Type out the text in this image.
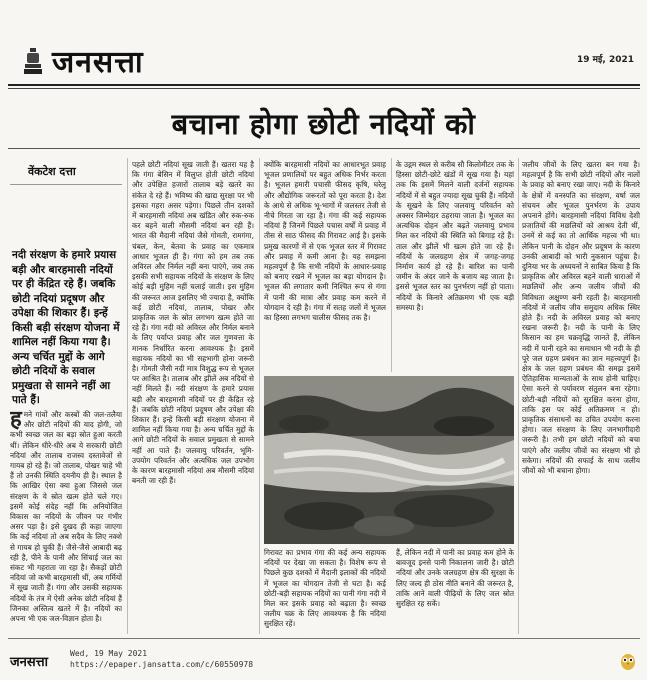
जनसत्ता	19 मई, 2021
बचाना होगा छोटी नदियों को
वेंकटेश दत्ता
नदी संरक्षण के हमारे प्रयास बड़ी और बारहमासी नदियों पर ही केंद्रित रहे हैं। जबकि छोटी नदियां प्रदूषण और उपेक्षा की शिकार हैं। इन्हें किसी बड़ी संरक्षण योजना में शामिल नहीं किया गया है। अन्य चर्चित मुद्दों के आगे छोटी नदियों के सवाल प्रमुखता से सामने नहीं आ पाते हैं।
हमने गांवों और कस्बों की जल-तलैया और छोटी नदियों की याद होगी, जो कभी स्वच्छ जल का बड़ा स्रोत हुआ करती थीं। लेकिन धीरे-धीरे अब ये सरकारी छोटी नदियां और तालाब राजस्व दस्तावेजों से गायब हो रहे हैं। जो तालाब, पोखर चाहे भी हैं तो उनकी स्थिति दयनीय ही है। स्थाल है कि आखिर ऐसा क्या हुआ जिससे जल संरक्षण के ये स्रोत खत्म होते चले गए। इसमें कोई संदेह नहीं कि अनियोजित विकास का नदियों के जीवन पर गंभीर असर पड़ा है। इसे दुखद ही कहा जाएगा कि कई नदियां तो अब सदैव के लिए नक्शे से गायब हो चुकी हैं। जैसे-जैसे आबादी बढ़ रही है, पीने के पानी और सिंचाई जल का संकट भी गहराता जा रहा है। सैकड़ों छोटी नदियां जो कभी बारहमासी थीं, अब गर्मियों में सूख जाती हैं। गंगा और उसकी सहायक नदियों के तंत्र में ऐसी अनेक छोटी नदियां हैं जिनका अस्तित्व खतरे में है। नदियों का अपना भी एक जल-विज्ञान होता है।
पहले छोटी नदियां सूख जाती हैं। खतरा यह है कि गंगा बेसिन में विलुप्त होती छोटी नदियां और उपेक्षित हजारों तालाब बड़े खतरे का संकेत दे रहे हैं। भविष्य की खाद्य सुरक्षा पर भी इसका गहरा असर पड़ेगा। पिछले तीन दशकों में बारहमासी नदियां अब खंडित और रुक-रुक कर बहने वाली मौसमी नदियां बन रही हैं। भारत की मैदानी नदियां जैसे गोमती, रामगंगा, चंबल, केन, बेतवा के प्रवाह का एकमात्र आधार भूजल ही है। गंगा को हम तब तक अविरल और निर्मल नहीं बना पाएंगे, जब तक इसकी सभी सहायक नदियों के संरक्षण के लिए कोई बड़ी मुहिम नहीं चलाई जाती। इस मुहिम की जरूरत आज इसलिए भी ज्यादा है, क्योंकि कई छोटी नदियां, तालाब, पोखर और प्राकृतिक जल के स्रोत लगभग खत्म होते जा रहे हैं। गंगा नदी को अविरल और निर्मल बनाने के लिए पर्याप्त प्रवाह और जल गुणवत्ता के मानक निर्धारित करना आवश्यक है। इसमें सहायक नदियों का भी सहभागी होना जरूरी है। गोमती जैसी नदी मात्र विशुद्ध रूप से भूजल पर आश्रित है। तालाब और झीलें अब नदियों से नहीं मिलते हैं। नदी संरक्षण के हमारे प्रयास बड़ी और बारहमासी नदियों पर ही केंद्रित रहे हैं। जबकि छोटी नदियां प्रदूषण और उपेक्षा की शिकार हैं। इन्हें किसी बड़ी संरक्षण योजना में शामिल नहीं किया गया है। अन्य चर्चित मुद्दों के आगे छोटी नदियों के सवाल प्रमुखता से सामने नहीं आ पाते हैं। जलवायु परिवर्तन, भूमि-उपयोग परिवर्तन और अत्यधिक जल उपभोग के कारण बारहमासी नदियां अब मौसमी नदियां बनती जा रही हैं।
क्योंकि बारहमासी नदियों का आधारभूत प्रवाह भूजल प्रणालियों पर बहुत अधिक निर्भर करता है। भूजल हमारी पचासी फीसद कृषि, घरेलू और औद्योगिक जरूरतों को पूरा करता है। देश के आधे से अधिक भू-भागों में जलस्तर तेजी से नीचे गिरता जा रहा है। गंगा की कई सहायक नदियां हैं जिनमें पिछले पचास वर्षों में प्रवाह में तीस से साठ फीसद की गिरावट आई है। इसके प्रमुख कारणों में से एक भूजल स्तर में गिरावट और प्रवाह में कमी आना है। यह समझना महत्वपूर्ण है कि सभी नदियों के आधार-प्रवाह को बनाए रखने में भूजल का बड़ा योगदान है। भूजल की लगातार कमी निश्चित रूप से गंगा में पानी की मात्रा और प्रवाह कम करने में योगदान दे रही है। गंगा में सतह जलों में भूजल का हिस्सा लगभग चालीस फीसद तक है।
गिरावट का प्रभाव गंगा की कई अन्य सहायक नदियों पर देखा जा सकता है। विशेष रूप से पिछले कुछ दशकों में मैदानी इलाकों की नदियों में भूजल का योगदान तेजी से घटा है। कई छोटी-बड़ी सहायक नदियों का पानी गंगा नदी में मिल कर इसके प्रवाह को बढ़ाता है। स्वच्छ जलीय चक्र के लिए आवश्यक है कि नदियां सुरक्षित रहें।
के उद्गम स्थल से करीब सौ किलोमीटर तक के हिस्सा छोटी-छोटे खंडों में सूख गया है। यहां तक कि इसमें मिलने वाली दर्जनों सहायक नदियों में से बहुत ज्यादा सूख चुकी हैं। नदियों के सूखने के लिए जलवायु परिवर्तन को अक्सर जिम्मेदार ठहराया जाता है। भूजल का अत्यधिक दोहन और बढ़ते जलवायु प्रभाव मिल कर नदियों की स्थिति को बिगाड़ रहे हैं। ताल और झीलें भी खत्म होते जा रहे हैं। नदियों के जलग्रहण क्षेत्र में जगह-जगह निर्माण कार्य हो रहे हैं। बारिश का पानी जमीन के अंदर जाने के बजाय बह जाता है। इससे भूजल स्तर का पुनर्भरण नहीं हो पाता। नदियों के किनारे अतिक्रमण भी एक बड़ी समस्या है।
हैं, लेकिन नदी में पानी का प्रवाह कम होने के बावजूद इनसे पानी निकालना जारी है। छोटी नदियां और उनके जलग्रहण क्षेत्र की सुरक्षा के लिए जल्द ही ठोस नीति बनाने की जरूरत है, ताकि आने वाली पीढ़ियों के लिए जल स्रोत सुरक्षित रह सकें।
जलीय जीवों के लिए खतरा बन गया है। महत्वपूर्ण है कि सभी छोटी नदियों और नालों के प्रवाह को बनाए रखा जाए। नदी के किनारे के क्षेत्रों में वनस्पति का संरक्षण, वर्षा जल संचयन और भूजल पुनर्भरण के उपाय अपनाने होंगे। बारहमासी नदियां विविध देशी प्रजातियों की मछलियों को आश्रय देती थीं, उनमें से कई का तो आर्थिक महत्त्व भी था। लेकिन पानी के दोहन और प्रदूषण के कारण उनकी आबादी को भारी नुकसान पहुंचा है। दुनिया भर के अध्ययनों ने साबित किया है कि प्राकृतिक और अविरल बहने वाली धाराओं में मछलियों और अन्य जलीय जीवों की विविधता अक्षुण्ण बनी रहती है। बारहमासी नदियों में जलीय जीव समुदाय अधिक स्थिर होते हैं। नदी के अविरल प्रवाह को बनाए रखना जरूरी है। नदी के पानी के लिए किसान का हम चक्रवृद्धि जानते हैं, लेकिन नदी में पानी रहने का समाधान भी नदी के ही पूरे जल ग्रहण प्रबंधन का ज्ञान महत्त्वपूर्ण है। क्षेत्र के जल ग्रहण प्रबंधन की समझ इसमें ऐतिहासिक मान्यताओं के साथ होनी चाहिए। ऐसा करने से पर्यावरण संतुलन बना रहेगा। छोटी-बड़ी नदियों को सुरक्षित करना होगा, ताकि इस पर कोई अतिक्रमण न हो। प्राकृतिक संसाधनों का उचित उपयोग करना होगा। जल संरक्षण के लिए जनभागीदारी जरूरी है। तभी हम छोटी नदियों को बचा पाएंगे और जलीय जीवों का संरक्षण भी हो सकेगा। नदियों की सफाई के साथ जलीय जीवों को भी बचाना होगा।
जनसत्ता
Wed, 19 May 2021
https://epaper.jansatta.com/c/60550978
